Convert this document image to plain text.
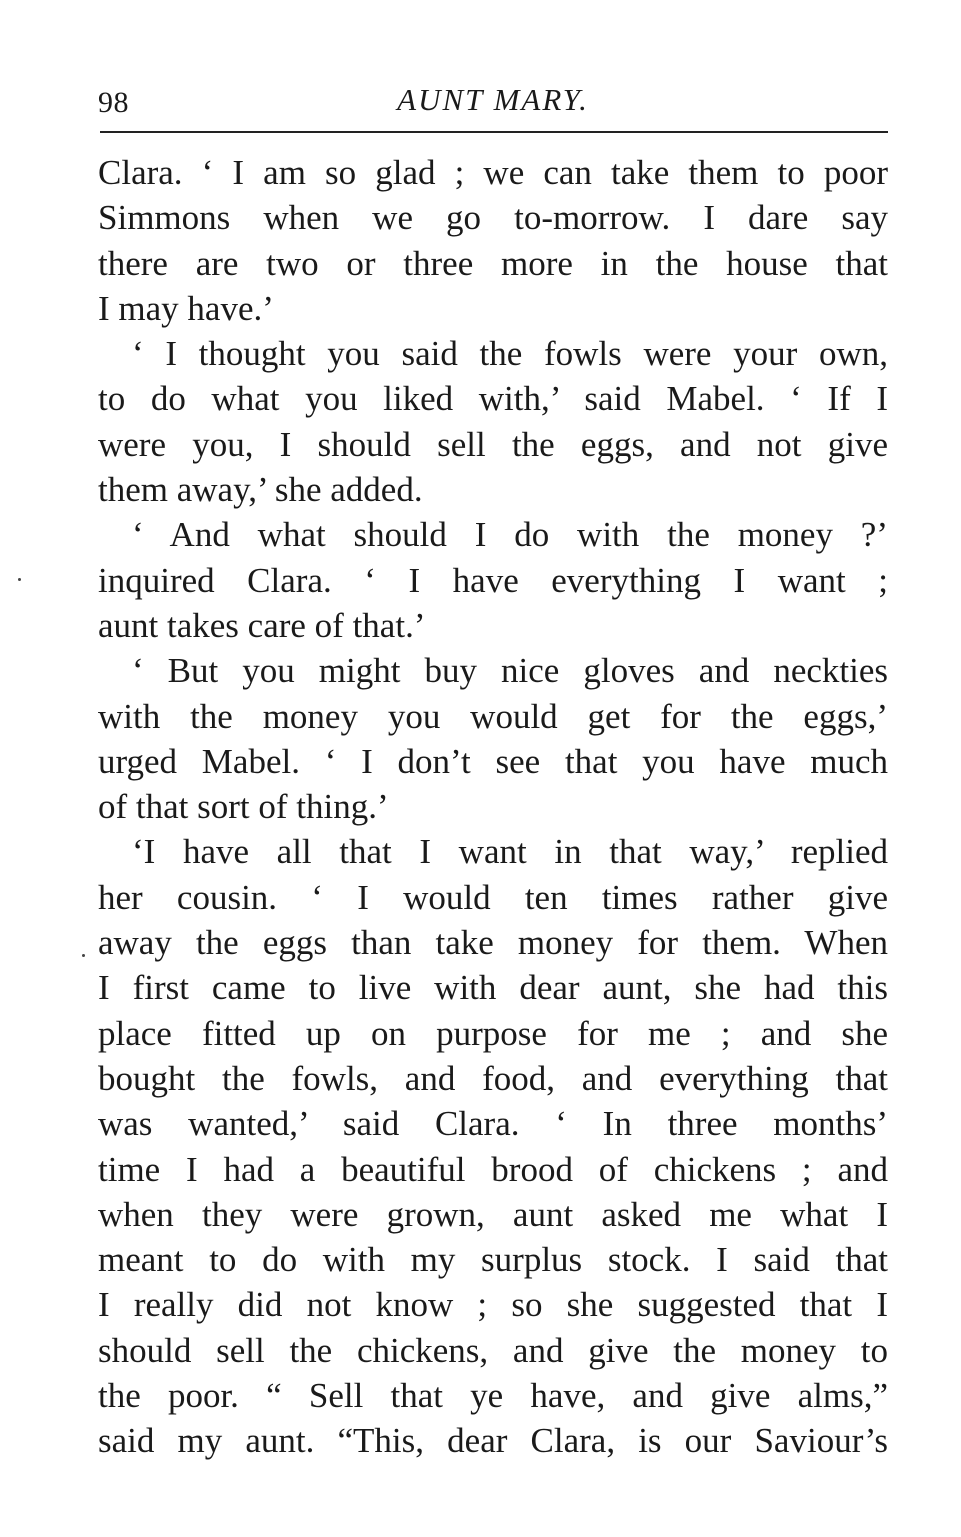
98	AUNT MARY.
Clara. ‘ I am so glad ; we can take them to poor
Simmons when we go to-morrow. I dare say
there are two or three more in the house that
I may have.’
‘ I thought you said the fowls were your own,
to do what you liked with,’ said Mabel. ‘ If I
were you, I should sell the eggs, and not give
them away,’ she added.
‘ And what should I do with the money ?’
inquired Clara. ‘ I have everything I want ;
aunt takes care of that.’
‘ But you might buy nice gloves and neckties
with the money you would get for the eggs,’
urged Mabel. ‘ I don’t see that you have much
of that sort of thing.’
‘I have all that I want in that way,’ replied
her cousin. ‘ I would ten times rather give
away the eggs than take money for them. When
I first came to live with dear aunt, she had this
place fitted up on purpose for me ; and she
bought the fowls, and food, and everything that
was wanted,’ said Clara. ‘ In three months’
time I had a beautiful brood of chickens ; and
when they were grown, aunt asked me what I
meant to do with my surplus stock. I said that
I really did not know ; so she suggested that I
should sell the chickens, and give the money to
the poor. “ Sell that ye have, and give alms,”
said my aunt. “This, dear Clara, is our Saviour’s
